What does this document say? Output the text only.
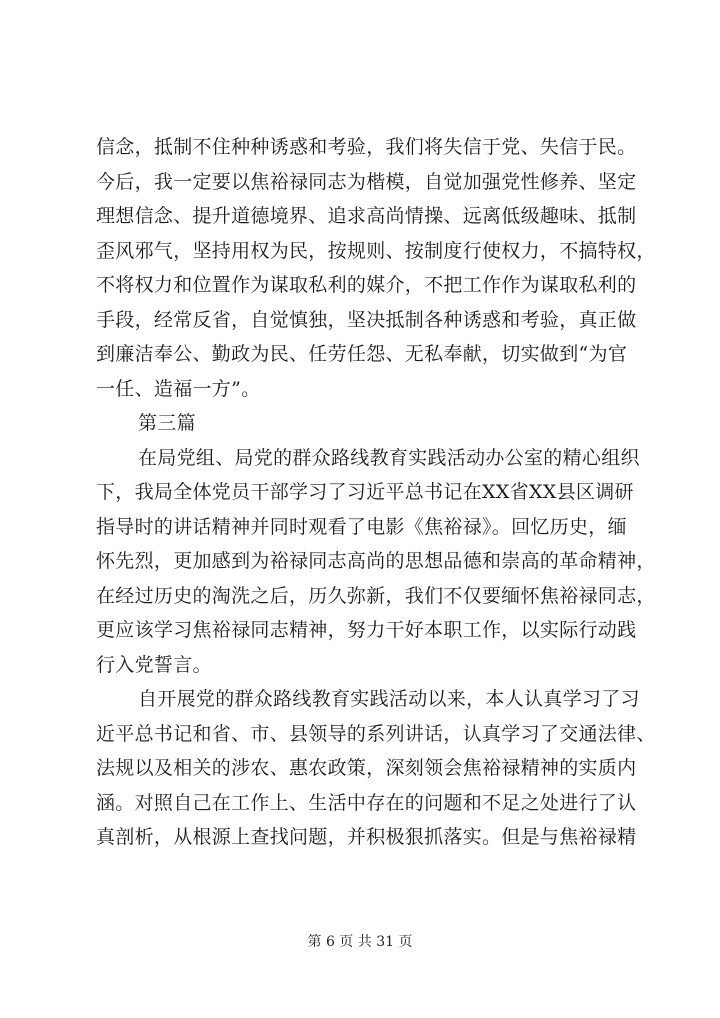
信念，抵制不住种种诱惑和考验，我们将失信于党、失信于民。
今后，我一定要以焦裕禄同志为楷模，自觉加强党性修养、坚定
理想信念、提升道德境界、追求高尚情操、远离低级趣味、抵制
歪风邪气，坚持用权为民，按规则、按制度行使权力，不搞特权，
不将权力和位置作为谋取私利的媒介，不把工作作为谋取私利的
手段，经常反省，自觉慎独，坚决抵制各种诱惑和考验，真正做
到廉洁奉公、勤政为民、任劳任怨、无私奉献，切实做到“为官
一任、造福一方”。
第三篇
在局党组、局党的群众路线教育实践活动办公室的精心组织
下，我局全体党员干部学习了习近平总书记在XX省XX县区调研
指导时的讲话精神并同时观看了电影《焦裕禄》。回忆历史，缅
怀先烈，更加感到为裕禄同志高尚的思想品德和崇高的革命精神，
在经过历史的淘洗之后，历久弥新，我们不仅要缅怀焦裕禄同志，
更应该学习焦裕禄同志精神，努力干好本职工作，以实际行动践
行入党誓言。
自开展党的群众路线教育实践活动以来，本人认真学习了习
近平总书记和省、市、县领导的系列讲话，认真学习了交通法律、
法规以及相关的涉农、惠农政策，深刻领会焦裕禄精神的实质内
涵。对照自己在工作上、生活中存在的问题和不足之处进行了认
真剖析，从根源上查找问题，并积极狠抓落实。但是与焦裕禄精
第 6 页 共 31 页
